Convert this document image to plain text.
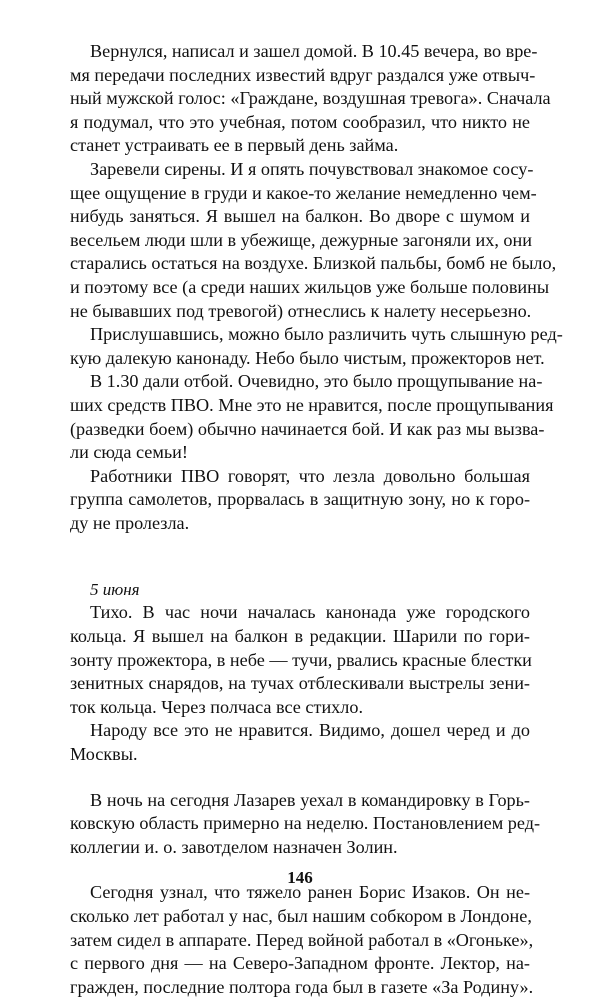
Вернулся, написал и зашел домой. В 10.45 вечера, во вре-
мя передачи последних известий вдруг раздался уже отвыч-
ный мужской голос: «Граждане, воздушная тревога». Сначала
я подумал, что это учебная, потом сообразил, что никто не
станет устраивать ее в первый день займа.

Заревели сирены. И я опять почувствовал знакомое сосу-
щее ощущение в груди и какое-то желание немедленно чем-
нибудь заняться. Я вышел на балкон. Во дворе с шумом и
весельем люди шли в убежище, дежурные загоняли их, они
старались остаться на воздухе. Близкой пальбы, бомб не было,
и поэтому все (а среди наших жильцов уже больше половины
не бывавших под тревогой) отнеслись к налету несерьезно.

Прислушавшись, можно было различить чуть слышную ред-
кую далекую канонаду. Небо было чистым, прожекторов нет.

В 1.30 дали отбой. Очевидно, это было прощупывание на-
ших средств ПВО. Мне это не нравится, после прощупывания
(разведки боем) обычно начинается бой. И как раз мы вызва-
ли сюда семьи!

Работники ПВО говорят, что лезла довольно большая
группа самолетов, прорвалась в защитную зону, но к горо-
ду не пролезла.

5 июня

Тихо. В час ночи началась канонада уже городского
кольца. Я вышел на балкон в редакции. Шарили по гори-
зонту прожектора, в небе — тучи, рвались красные блестки
зенитных снарядов, на тучах отблескивали выстрелы зени-
ток кольца. Через полчаса все стихло.

Народу все это не нравится. Видимо, дошел черед и до
Москвы.

В ночь на сегодня Лазарев уехал в командировку в Горь-
ковскую область примерно на неделю. Постановлением ред-
коллегии и. о. завотделом назначен Золин.

Сегодня узнал, что тяжело ранен Борис Изаков. Он не-
сколько лет работал у нас, был нашим собкором в Лондоне,
затем сидел в аппарате. Перед войной работал в «Огоньке»,
с первого дня — на Северо-Западном фронте. Лектор, на-
гражден, последние полтора года был в газете «За Родину».

146
